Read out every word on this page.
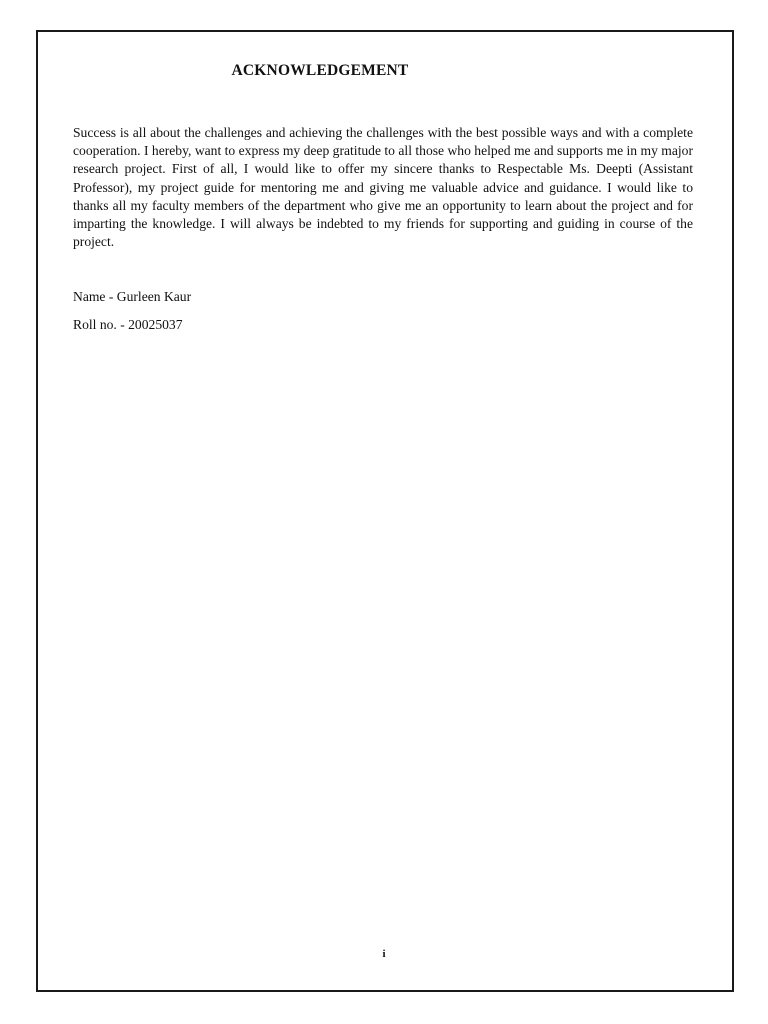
ACKNOWLEDGEMENT

Success is all about the challenges and achieving the challenges with the best possible ways and with a complete cooperation. I hereby, want to express my deep gratitude to all those who helped me and supports me in my major research project. First of all, I would like to offer my sincere thanks to Respectable Ms. Deepti (Assistant Professor), my project guide for mentoring me and giving me valuable advice and guidance. I would like to thanks all my faculty members of the department who give me an opportunity to learn about the project and for imparting the knowledge. I will always be indebted to my friends for supporting and guiding in course of the project.

Name - Gurleen Kaur

Roll no. - 20025037

i
